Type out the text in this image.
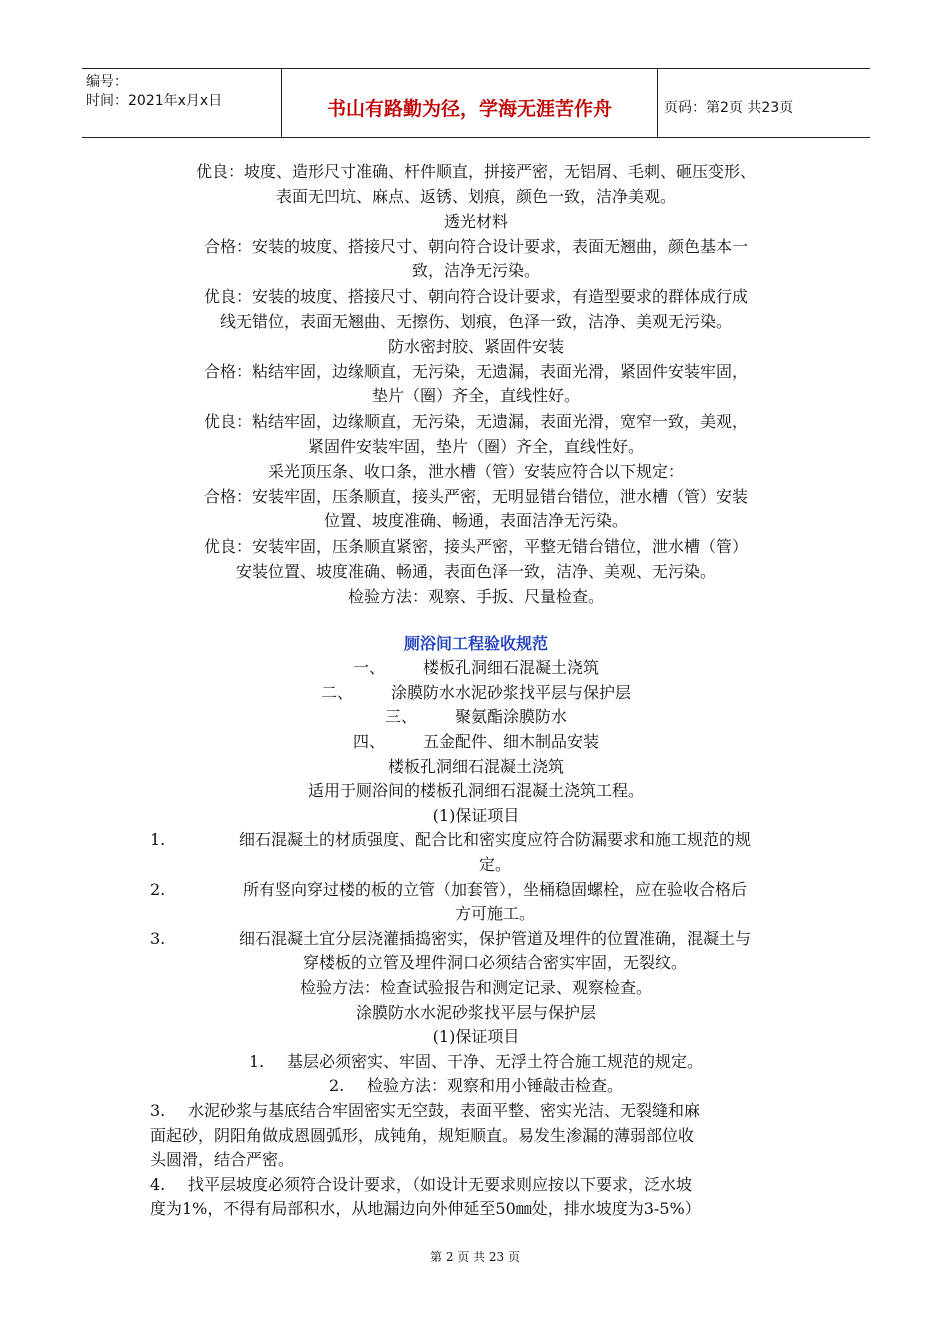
编号：
时间：2021年x月x日	书山有路勤为径，学海无涯苦作舟	页码：第2页 共23页
优良：坡度、造形尺寸准确、杆件顺直，拼接严密，无铝屑、毛刺、砸压变形、
表面无凹坑、麻点、返锈、划痕，颜色一致，洁净美观。
透光材料
合格：安装的坡度、搭接尺寸、朝向符合设计要求，表面无翘曲，颜色基本一
致，洁净无污染。
优良：安装的坡度、搭接尺寸、朝向符合设计要求，有造型要求的群体成行成
线无错位，表面无翘曲、无擦伤、划痕，色泽一致，洁净、美观无污染。
防水密封胶、紧固件安装
合格：粘结牢固，边缘顺直，无污染，无遗漏，表面光滑，紧固件安装牢固，
垫片（圈）齐全，直线性好。
优良：粘结牢固，边缘顺直，无污染，无遗漏，表面光滑，宽窄一致，美观，
紧固件安装牢固，垫片（圈）齐全，直线性好。
采光顶压条、收口条，泄水槽（管）安装应符合以下规定：
合格：安装牢固，压条顺直，接头严密，无明显错台错位，泄水槽（管）安装
位置、坡度准确、畅通，表面洁净无污染。
优良：安装牢固，压条顺直紧密，接头严密，平整无错台错位，泄水槽（管）
安装位置、坡度准确、畅通，表面色泽一致，洁净、美观、无污染。
检验方法：观察、手扳、尺量检查。
厕浴间工程验收规范
一、 楼板孔洞细石混凝土浇筑
二、 涂膜防水水泥砂浆找平层与保护层
三、 聚氨酯涂膜防水
四、 五金配件、细木制品安装
楼板孔洞细石混凝土浇筑
适用于厕浴间的楼板孔洞细石混凝土浇筑工程。
(1)保证项目
1.	细石混凝土的材质强度、配合比和密实度应符合防漏要求和施工规范的规
定。
2.	所有竖向穿过楼的板的立管（加套管），坐桶稳固螺栓，应在验收合格后
方可施工。
3.	细石混凝土宜分层浇灌插捣密实，保护管道及埋件的位置准确，混凝土与
穿楼板的立管及埋件洞口必须结合密实牢固，无裂纹。
检验方法：检查试验报告和测定记录、观察检查。
涂膜防水水泥砂浆找平层与保护层
(1)保证项目
1. 基层必须密实、牢固、干净、无浮土符合施工规范的规定。
2. 检验方法：观察和用小锤敲击检查。
3. 水泥砂浆与基底结合牢固密实无空鼓，表面平整、密实光洁、无裂缝和麻
面起砂，阴阳角做成恩圆弧形，成钝角，规矩顺直。易发生渗漏的薄弱部位收
头圆滑，结合严密。
4. 找平层坡度必须符合设计要求，（如设计无要求则应按以下要求，泛水坡
度为1%，不得有局部积水，从地漏边向外伸延至50㎜处，排水坡度为3-5%）
第 2 页 共 23 页
